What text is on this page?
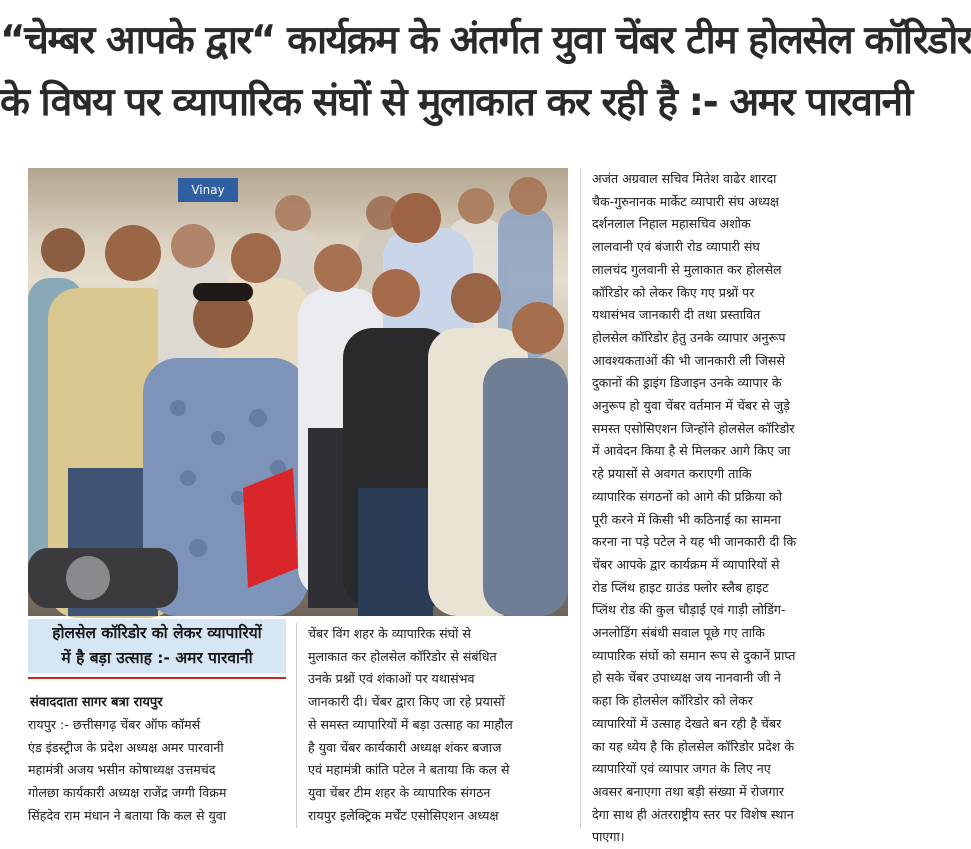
“चेम्बर आपके द्वार“ कार्यक्रम के अंतर्गत युवा चेंबर टीम होलसेल कॉरिडोर
के विषय पर व्यापारिक संघों से मुलाकात कर रही है :- अमर पारवानी
Vinay
होलसेल कॉरिडोर को लेकर व्यापारियों
में है बड़ा उत्साह :- अमर पारवानी
संवाददाता सागर बत्रा रायपुर
रायपुर :- छत्तीसगढ़ चेंबर ऑफ कॉमर्स
एंड इंडस्ट्रीज के प्रदेश अध्यक्ष अमर पारवानी
महामंत्री अजय भसीन कोषाध्यक्ष उत्तमचंद
गोलछा कार्यकारी अध्यक्ष राजेंद्र जग्गी विक्रम
सिंहदेव राम मंधान ने बताया कि कल से युवा
चेंबर विंग शहर के व्यापारिक संघों से
मुलाकात कर होलसेल कॉरिडोर से संबंधित
उनके प्रश्नों एवं शंकाओं पर यथासंभव
जानकारी दी। चेंबर द्वारा किए जा रहे प्रयासों
से समस्त व्यापारियों में बड़ा उत्साह का माहौल
है युवा चेंबर कार्यकारी अध्यक्ष शंकर बजाज
एवं महामंत्री कांति पटेल ने बताया कि कल से
युवा चेंबर टीम शहर के व्यापारिक संगठन
रायपुर इलेक्ट्रिक मर्चेंट एसोसिएशन अध्यक्ष
अजंत अग्रवाल सचिव मितेश वाढेर शारदा
चैक-गुरुनानक मार्केट व्यापारी संघ अध्यक्ष
दर्शनलाल निहाल महासचिव अशोक
लालवानी एवं बंजारी रोड व्यापारी संघ
लालचंद गुलवानी से मुलाकात कर होलसेल
कॉरिडोर को लेकर किए गए प्रश्नों पर
यथासंभव जानकारी दी तथा प्रस्तावित
होलसेल कॉरिडोर हेतु उनके व्यापार अनुरूप
आवश्यकताओं की भी जानकारी ली जिससे
दुकानों की ड्राइंग डिजाइन उनके व्यापार के
अनुरूप हो युवा चेंबर वर्तमान में चेंबर से जुड़े
समस्त एसोसिएशन जिन्होंने होलसेल कॉरिडोर
में आवेदन किया है से मिलकर आगे किए जा
रहे प्रयासों से अवगत कराएगी ताकि
व्यापारिक संगठनों को आगे की प्रक्रिया को
पूरी करने में किसी भी कठिनाई का सामना
करना ना पड़े पटेल ने यह भी जानकारी दी कि
चेंबर आपके द्वार कार्यक्रम में व्यापारियों से
रोड प्लिंथ हाइट ग्राउंड फ्लोर स्लैब हाइट
प्लिंथ रोड की कुल चौड़ाई एवं गाड़ी लोडिंग-
अनलोडिंग संबंधी सवाल पूछे गए ताकि
व्यापारिक संघों को समान रूप से दुकानें प्राप्त
हो सके चेंबर उपाध्यक्ष जय नानवानी जी ने
कहा कि होलसेल कॉरिडोर को लेकर
व्यापारियों में उत्साह देखते बन रही है चेंबर
का यह ध्येय है कि होलसेल कॉरिडोर प्रदेश के
व्यापारियों एवं व्यापार जगत के लिए नए
अवसर बनाएगा तथा बड़ी संख्या में रोजगार
देगा साथ ही अंतरराष्ट्रीय स्तर पर विशेष स्थान
पाएगा।
